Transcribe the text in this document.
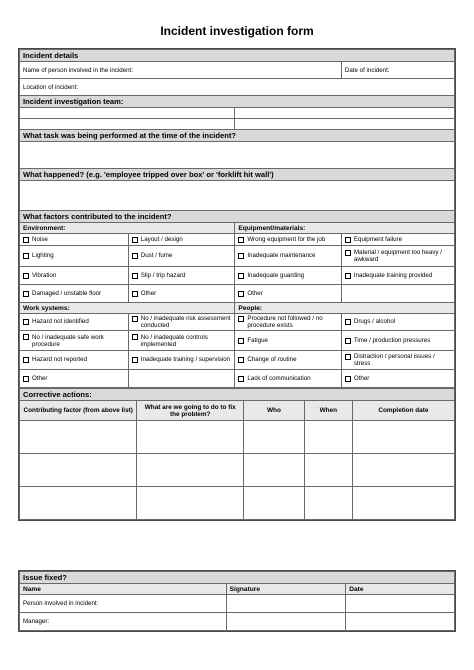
Incident investigation form
Incident details			
Name of person involved in the incident:			Date of incident:
Location of incident:			
Incident investigation team:			

What task was being performed at the time of the incident?			

What happened? (e.g. 'employee tripped over box' or 'forklift hit wall')			

What factors contributed to the incident?			
Environment:		Equipment/materials:	

Noise	Layout / design	Wrong equipment for the job	Equipment failure

Lighting	Dust / fume	Inadequate maintenance	Material / equipment too heavy / awkward

Vibration	Slip / trip hazard	Inadequate guarding	Inadequate training provided

Damaged / unstable floor	Other	Other	

Work systems:		People:	

Hazard not identified	No / inadequate risk assessment conducted	Procedure not followed / no procedure exists	Drugs / alcohol

No / inadequate safe work procedure	No / inadequate controls implemented	Fatigue	Time / production pressures

Hazard not reported	Inadequate training / supervision	Change of routine	Distraction / personal issues / stress

Other		Lack of communication	Other
Corrective actions:				
Contributing factor (from above list)	What are we going to do to fix the problem?	Who	When	Completion date

Issue fixed?		
Name	Signature	Date
Person involved in incident:		
Manager:		
